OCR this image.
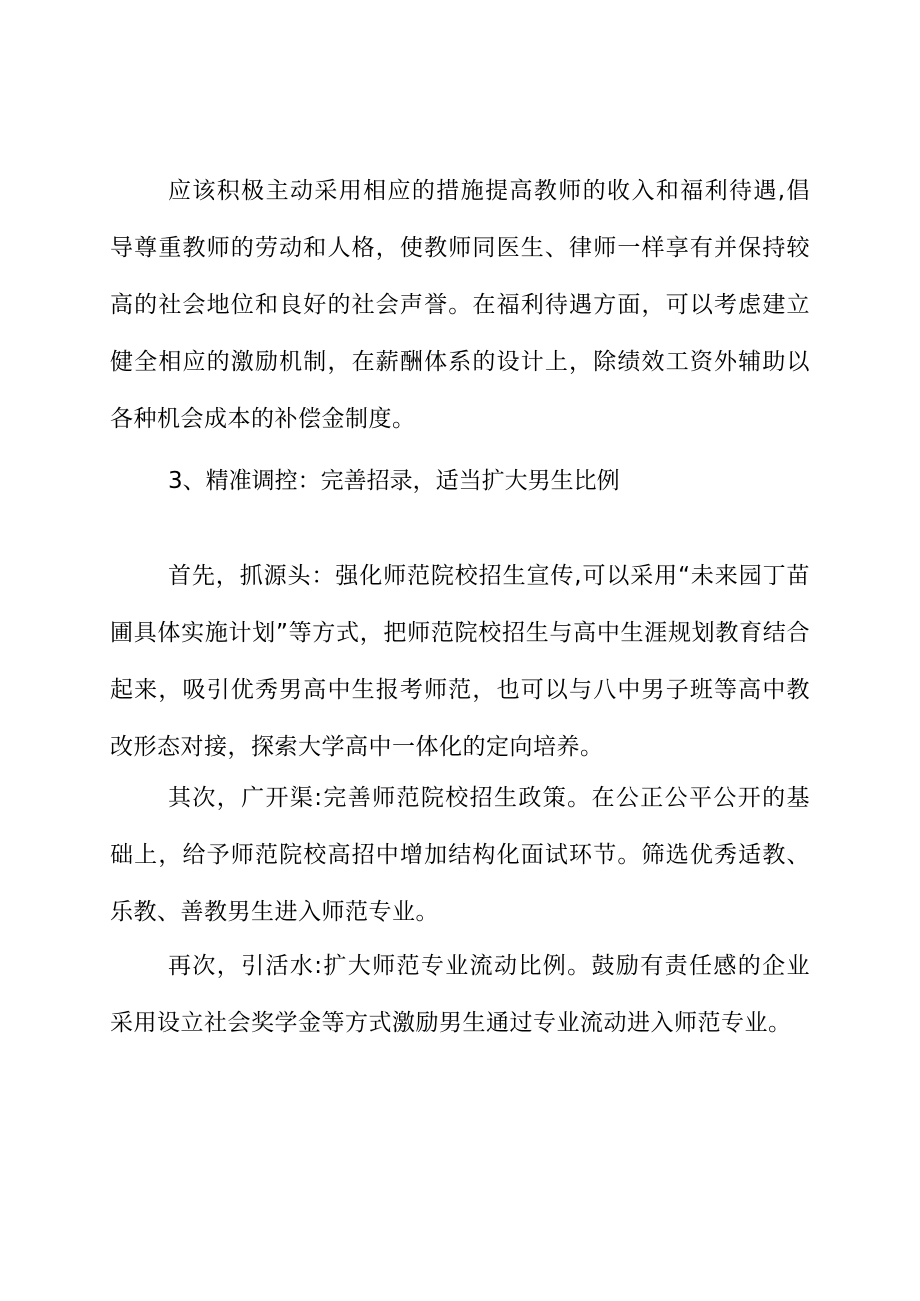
应该积极主动采用相应的措施提高教师的收入和福利待遇,倡导尊重教师的劳动和人格，使教师同医生、律师一样享有并保持较高的社会地位和良好的社会声誉。在福利待遇方面，可以考虑建立健全相应的激励机制，在薪酬体系的设计上，除绩效工资外辅助以各种机会成本的补偿金制度。

3、精准调控：完善招录，适当扩大男生比例

首先，抓源头：强化师范院校招生宣传,可以采用“未来园丁苗圃具体实施计划”等方式，把师范院校招生与高中生涯规划教育结合起来，吸引优秀男高中生报考师范，也可以与八中男子班等高中教改形态对接，探索大学高中一体化的定向培养。

其次，广开渠:完善师范院校招生政策。在公正公平公开的基础上，给予师范院校高招中增加结构化面试环节。筛选优秀适教、乐教、善教男生进入师范专业。

再次，引活水:扩大师范专业流动比例。鼓励有责任感的企业采用设立社会奖学金等方式激励男生通过专业流动进入师范专业。
